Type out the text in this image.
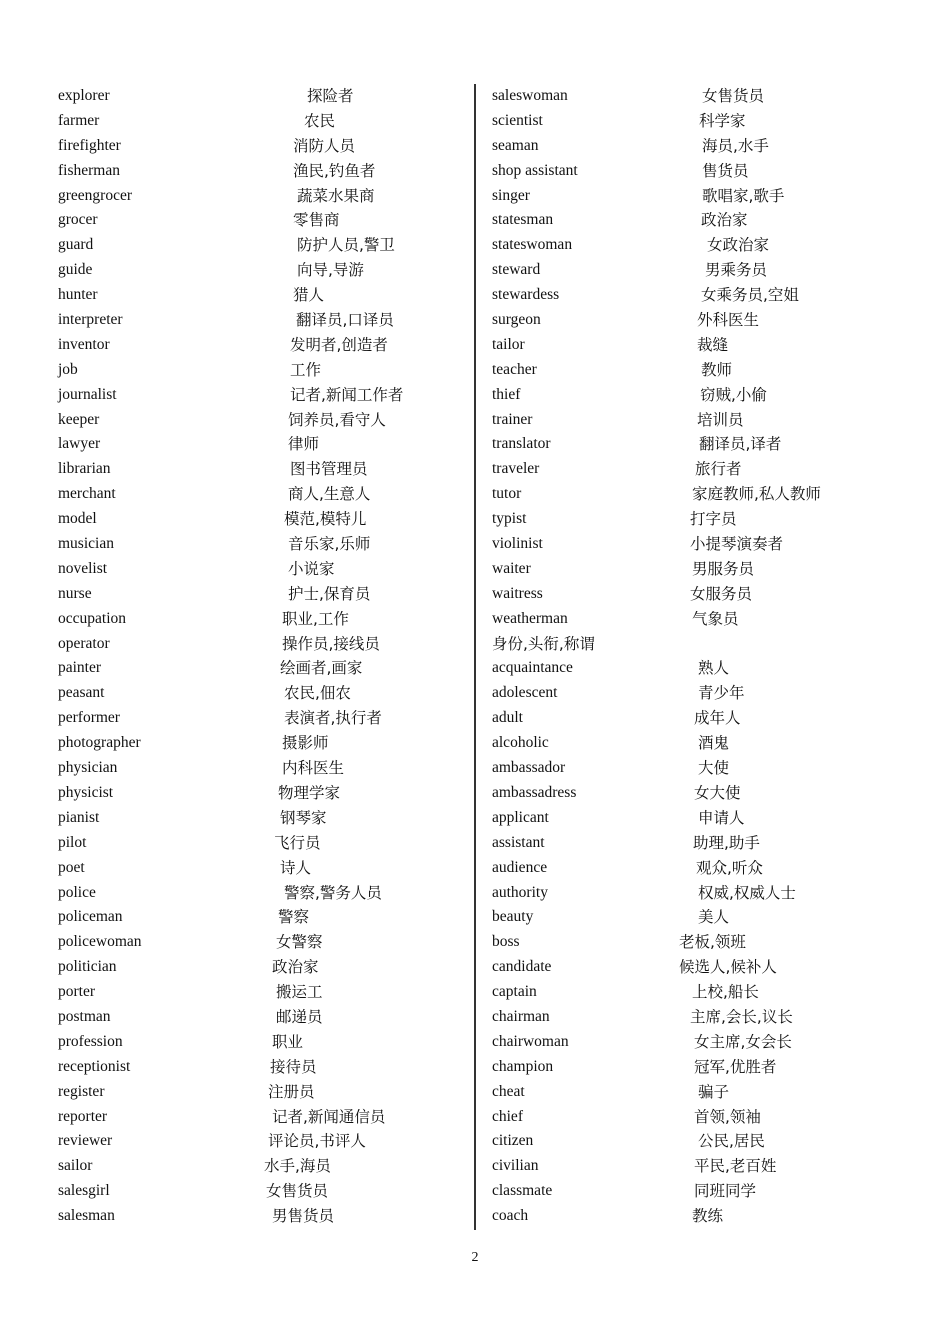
explorer	探险者
farmer	农民
firefighter	消防人员
fisherman	渔民,钓鱼者
greengrocer	蔬菜水果商
grocer	零售商
guard	防护人员,警卫
guide	向导,导游
hunter	猎人
interpreter	翻译员,口译员
inventor	发明者,创造者
job	工作
journalist	记者,新闻工作者
keeper	饲养员,看守人
lawyer	律师
librarian	图书管理员
merchant	商人,生意人
model	模范,模特儿
musician	音乐家,乐师
novelist	小说家
nurse	护士,保育员
occupation	职业,工作
operator	操作员,接线员
painter	绘画者,画家
peasant	农民,佃农
performer	表演者,执行者
photographer	摄影师
physician	内科医生
physicist	物理学家
pianist	钢琴家
pilot	飞行员
poet	诗人
police	警察,警务人员
policeman	警察
policewoman	女警察
politician	政治家
porter	搬运工
postman	邮递员
profession	职业
receptionist	接待员
register	注册员
reporter	记者,新闻通信员
reviewer	评论员,书评人
sailor	水手,海员
salesgirl	女售货员
salesman	男售货员
saleswoman	女售货员
scientist	科学家
seaman	海员,水手
shop assistant	售货员
singer	歌唱家,歌手
statesman	政治家
stateswoman	女政治家
steward	男乘务员
stewardess	女乘务员,空姐
surgeon	外科医生
tailor	裁缝
teacher	教师
thief	窃贼,小偷
trainer	培训员
translator	翻译员,译者
traveler	旅行者
tutor	家庭教师,私人教师
typist	打字员
violinist	小提琴演奏者
waiter	男服务员
waitress	女服务员
weatherman	气象员
身份,头衔,称谓
acquaintance	熟人
adolescent	青少年
adult	成年人
alcoholic	酒鬼
ambassador	大使
ambassadress	女大使
applicant	申请人
assistant	助理,助手
audience	观众,听众
authority	权威,权威人士
beauty	美人
boss	老板,领班
candidate	候选人,候补人
captain	上校,船长
chairman	主席,会长,议长
chairwoman	女主席,女会长
champion	冠军,优胜者
cheat	骗子
chief	首领,领袖
citizen	公民,居民
civilian	平民,老百姓
classmate	同班同学
coach	教练
2
